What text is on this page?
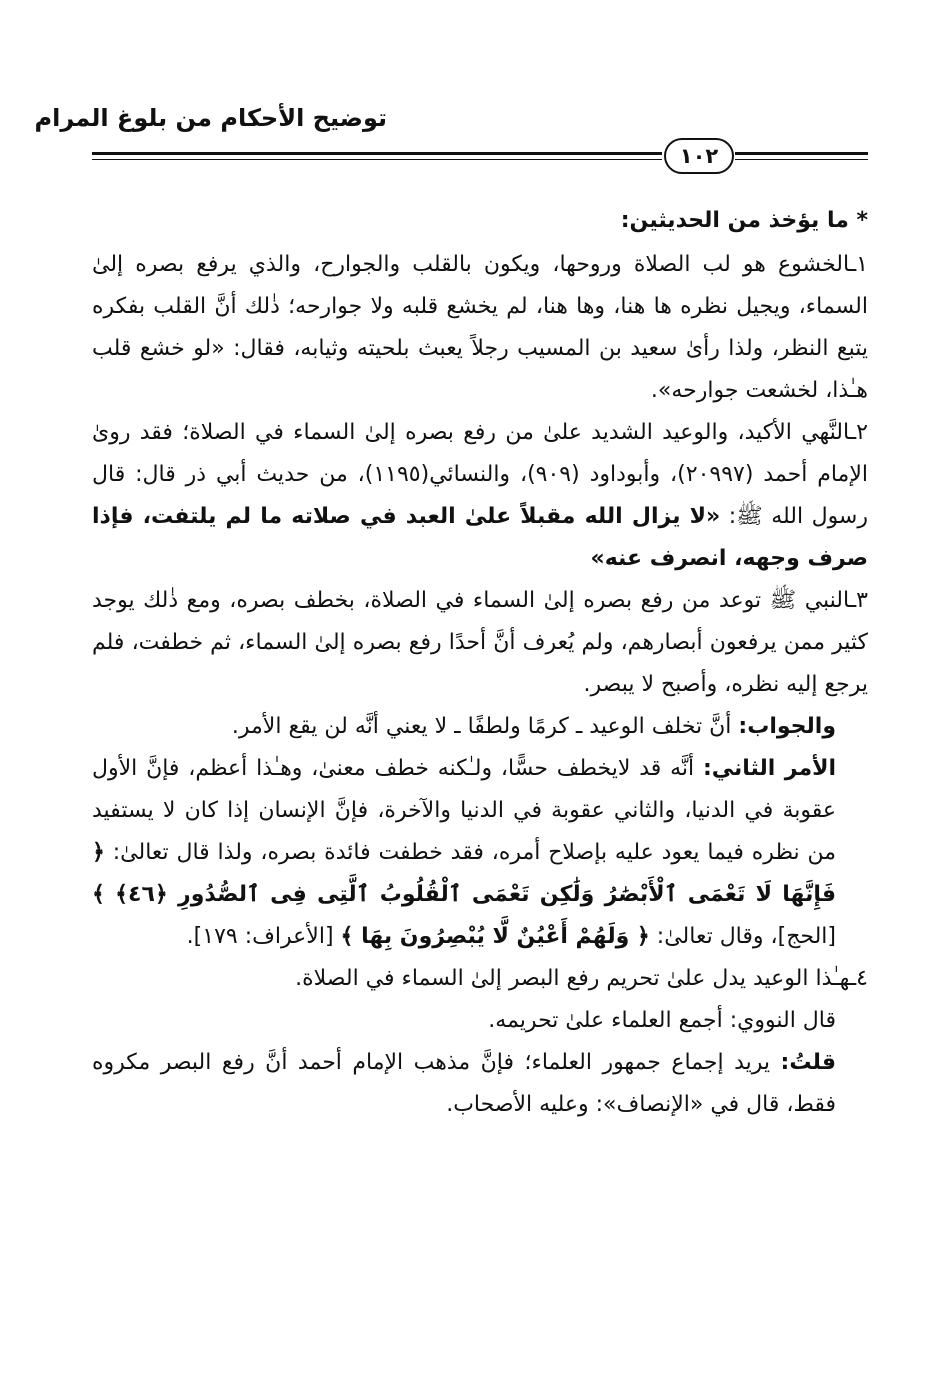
توضيح الأحكام من بلوغ المرام
١٠٢

* ما يؤخذ من الحديثين:

١ـالخشوع هو لب الصلاة وروحها، ويكون بالقلب والجوارح، والذي يرفع بصره إلىٰ السماء، ويجيل نظره ها هنا، وها هنا، لم يخشع قلبه ولا جوارحه؛ ذٰلك أنَّ القلب بفكره يتبع النظر، ولذا رأىٰ سعيد بن المسيب رجلاً يعبث بلحيته وثيابه، فقال: «لو خشع قلب هـٰذا، لخشعت جوارحه».

٢ـالنَّهي الأكيد، والوعيد الشديد علىٰ من رفع بصره إلىٰ السماء في الصلاة؛ فقد روىٰ الإمام أحمد (٢٠٩٩٧)، وأبوداود (٩٠٩)، والنسائي(١١٩٥)، من حديث أبي ذر قال: قال رسول الله ﷺ: «لا يزال الله مقبلاً علىٰ العبد في صلاته ما لم يلتفت، فإذا صرف وجهه، انصرف عنه»

٣ـالنبي ﷺ توعد من رفع بصره إلىٰ السماء في الصلاة، بخطف بصره، ومع ذٰلك يوجد كثير ممن يرفعون أبصارهم، ولم يُعرف أنَّ أحدًا رفع بصره إلىٰ السماء، ثم خطفت، فلم يرجع إليه نظره، وأصبح لا يبصر.

والجواب: أنَّ تخلف الوعيد ـ كرمًا ولطفًا ـ لا يعني أنَّه لن يقع الأمر.

الأمر الثاني: أنَّه قد لايخطف حسًّا، ولـٰكنه خطف معنىٰ، وهـٰذا أعظم، فإنَّ الأول عقوبة في الدنيا، والثاني عقوبة في الدنيا والآخرة، فإنَّ الإنسان إذا كان لا يستفيد من نظره فيما يعود عليه بإصلاح أمره، فقد خطفت فائدة بصره، ولذا قال تعالىٰ: ﴿ فَإِنَّهَا لَا تَعْمَى ٱلْأَبْصَٰرُ وَلَٰكِن تَعْمَى ٱلْقُلُوبُ ٱلَّتِى فِى ٱلصُّدُورِ ﴿٤٦﴾ ﴾ [الحج]، وقال تعالىٰ: ﴿ وَلَهُمْ أَعْيُنٌ لَّا يُبْصِرُونَ بِهَا ﴾ [الأعراف: ١٧٩].

٤ـهـٰذا الوعيد يدل علىٰ تحريم رفع البصر إلىٰ السماء في الصلاة.

قال النووي: أجمع العلماء علىٰ تحريمه.

قلتُ: يريد إجماع جمهور العلماء؛ فإنَّ مذهب الإمام أحمد أنَّ رفع البصر مكروه فقط، قال في «الإنصاف»: وعليه الأصحاب.
